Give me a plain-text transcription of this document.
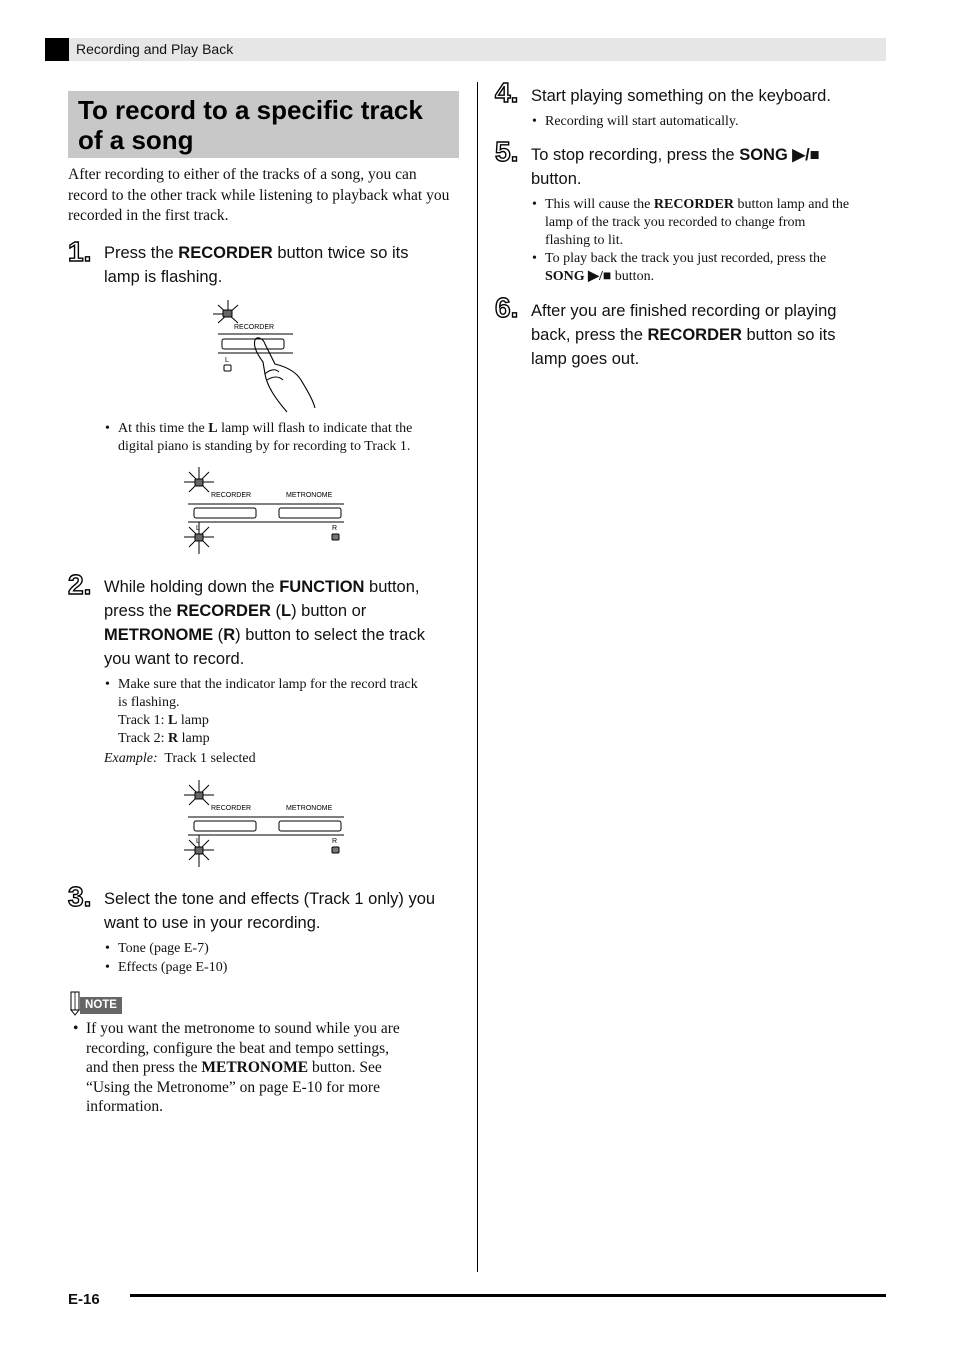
Recording and Play Back
To record to a specific track of a song
After recording to either of the tracks of a song, you can record to the other track while listening to playback what you recorded in the first track.
1. Press the RECORDER button twice so its
lamp is flashing.
RECORDER
L
• At this time the L lamp will flash to indicate that the
digital piano is standing by for recording to Track 1.
RECORDER	METRONOME
L	R
2. While holding down the FUNCTION button,
press the RECORDER (L) button or
METRONOME (R) button to select the track
you want to record.
• Make sure that the indicator lamp for the record track
is flashing.
Track 1: L lamp
Track 2: R lamp
Example: Track 1 selected
RECORDER	METRONOME
L	R
3. Select the tone and effects (Track 1 only) you
want to use in your recording.
• Tone (page E-7)
• Effects (page E-10)
NOTE
• If you want the metronome to sound while you are
recording, configure the beat and tempo settings,
and then press the METRONOME button. See
“Using the Metronome” on page E-10 for more
information.
4. Start playing something on the keyboard.
• Recording will start automatically.
5. To stop recording, press the SONG ▶/■
button.
• This will cause the RECORDER button lamp and the
lamp of the track you recorded to change from
flashing to lit.
• To play back the track you just recorded, press the
SONG ▶/■ button.
6. After you are finished recording or playing
back, press the RECORDER button so its
lamp goes out.
E-16
